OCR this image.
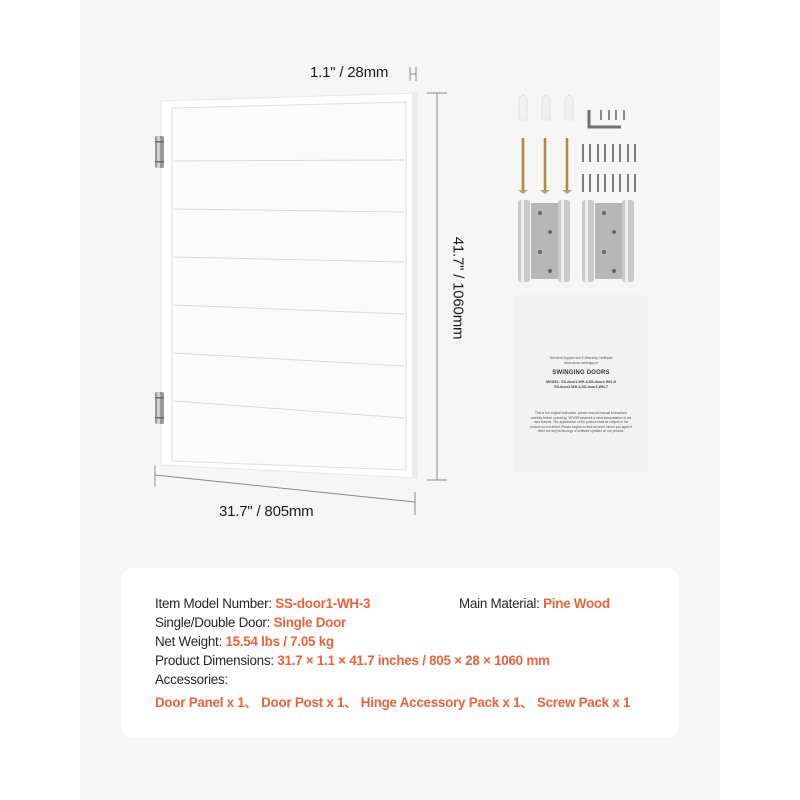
1.1" / 28mm
41.7" / 1060mm
31.7" / 805mm
Technical Support and E-Warranty Certificate
www.vevor.com/support
SWINGING DOORS
MODEL: SS-door1-WH-4,SS-door2-WH-3/
SS-door3-WH-4,SS-door3-WH-7
This is the original instruction, please read all manual instructions carefully before operating. VEVOR reserves a clear interpretation of our user manual. The appearance of the product shall be subject to the product you received. Please forgive us that we won't inform you again if there are any technology or software updates on our product.
Item Model Number: SS-door1-WH-3	Main Material: Pine Wood
Single/Double Door: Single Door
Net Weight: 15.54 lbs / 7.05 kg
Product Dimensions: 31.7 × 1.1 × 41.7 inches / 805 × 28 × 1060 mm
Accessories:
Door Panel x 1、 Door Post x 1、 Hinge Accessory Pack x 1、 Screw Pack x 1
